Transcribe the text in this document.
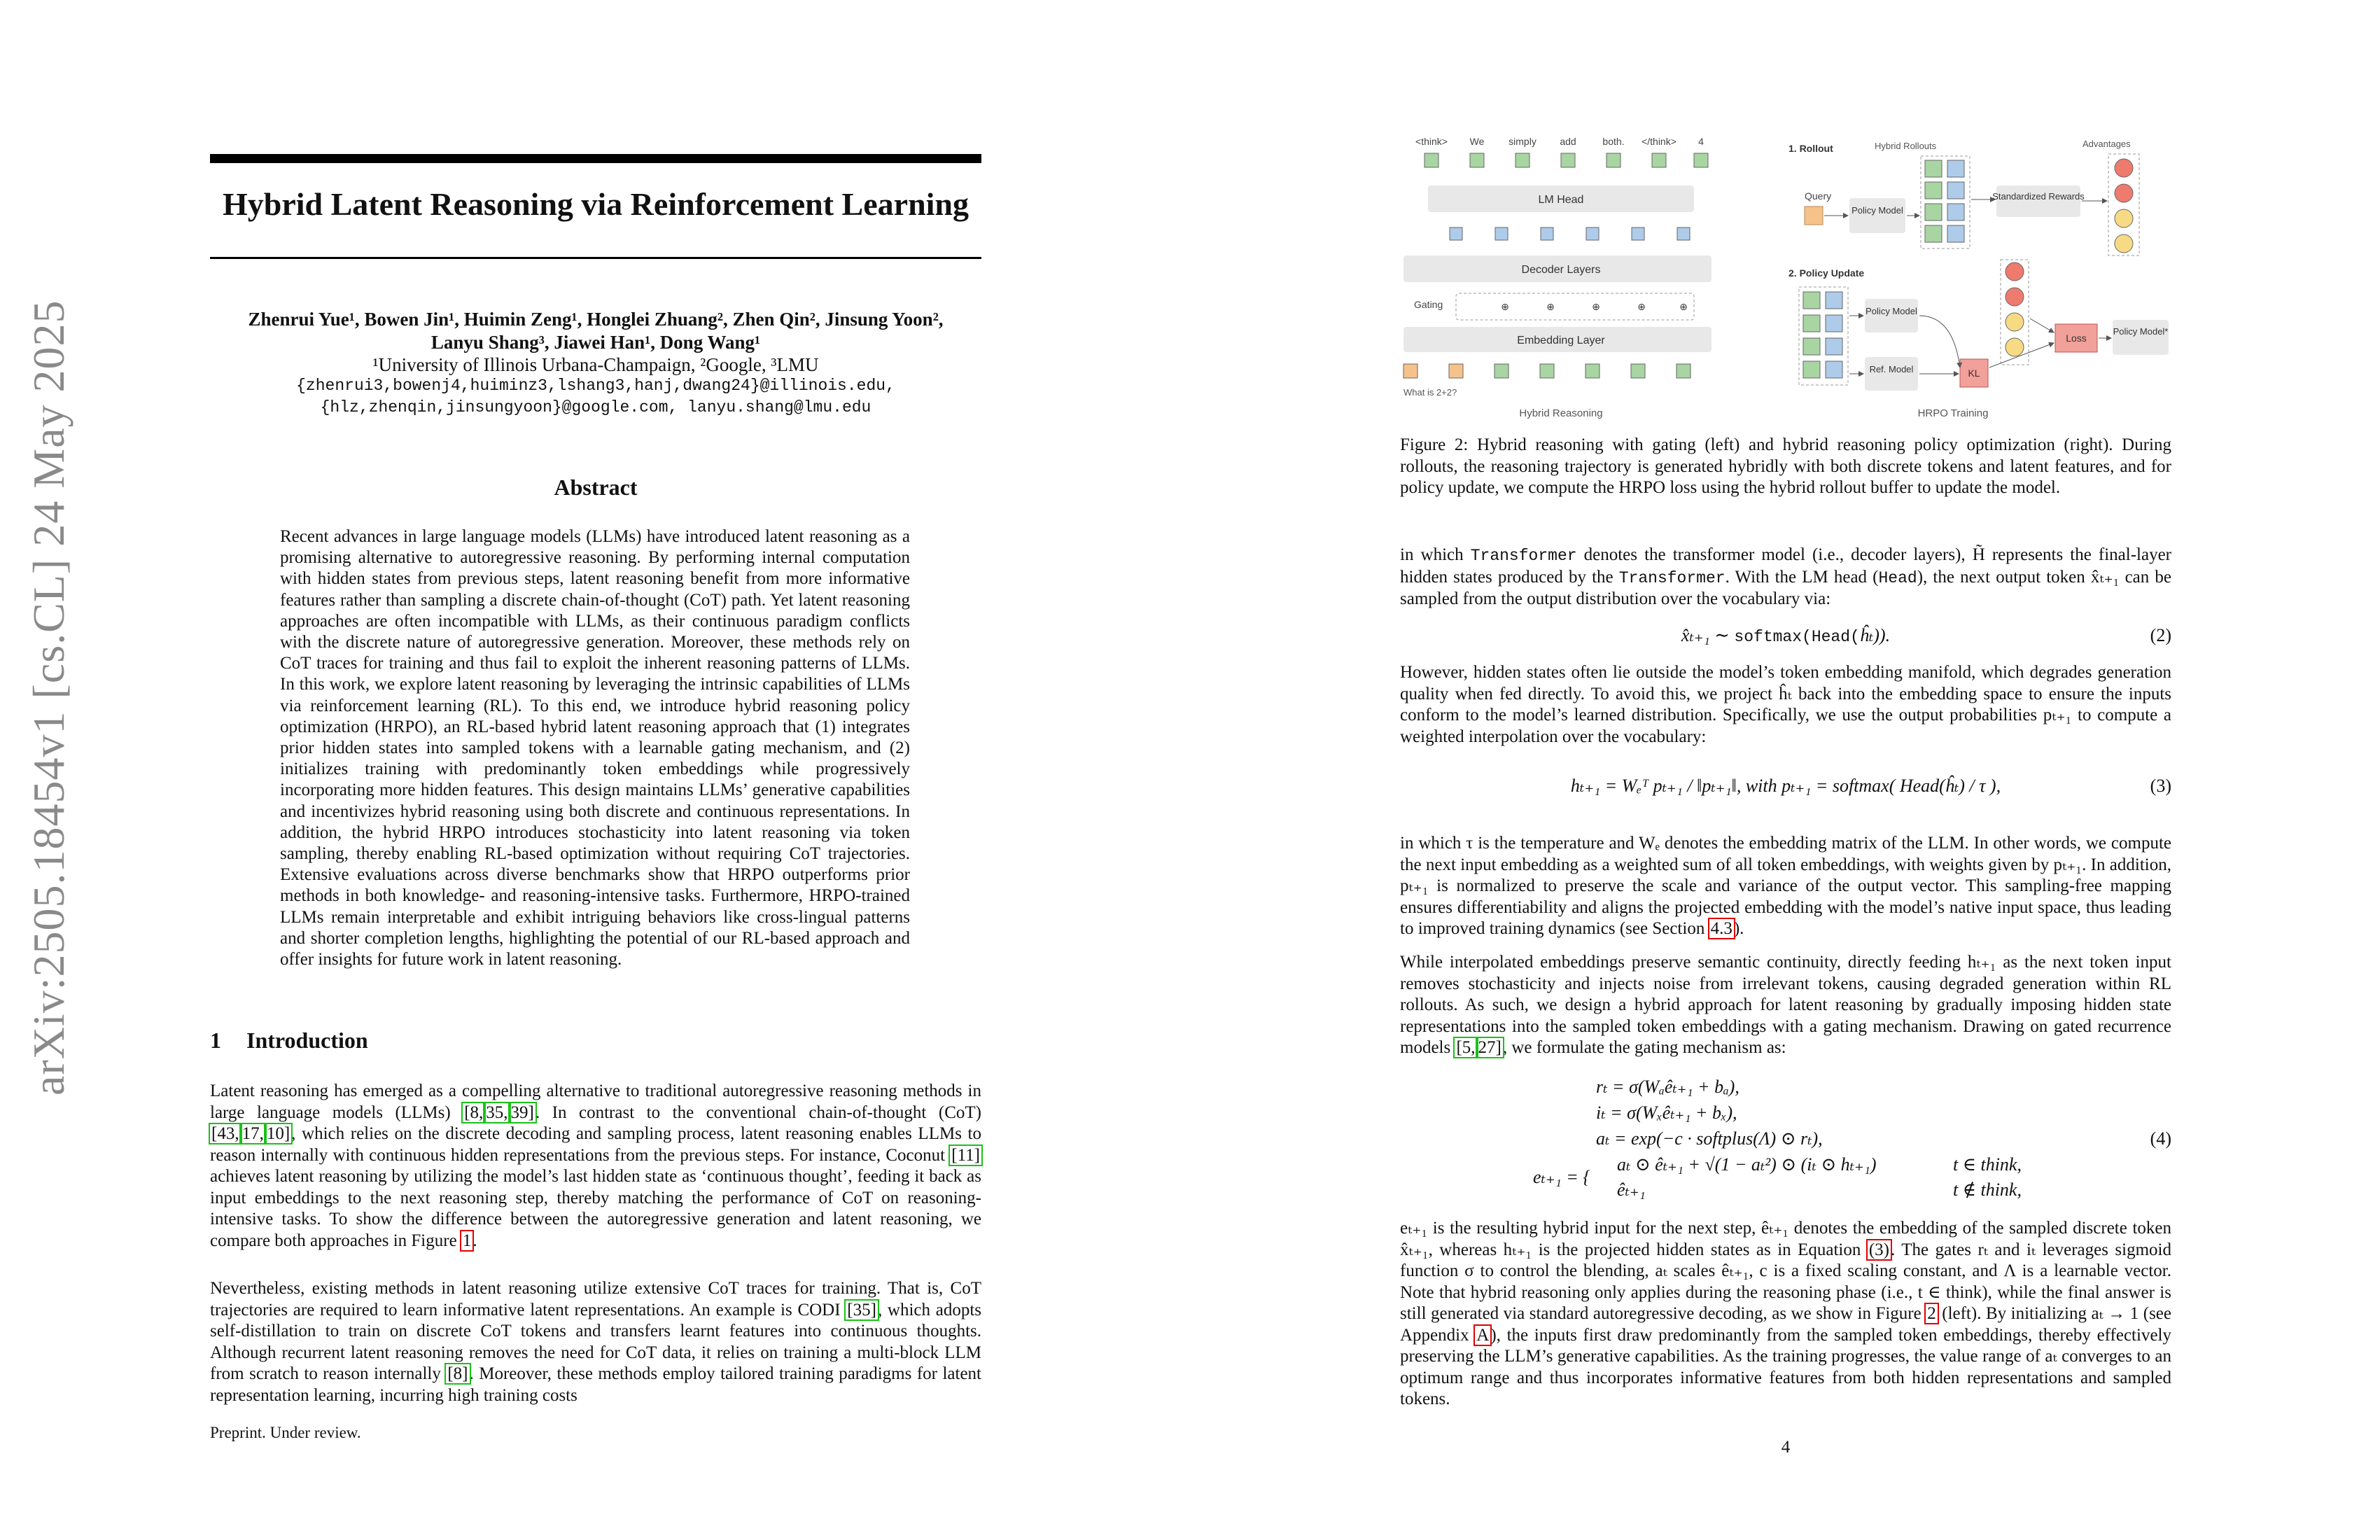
arXiv:2505.18454v1 [cs.CL] 24 May 2025
Hybrid Latent Reasoning via Reinforcement Learning
Zhenrui Yue¹, Bowen Jin¹, Huimin Zeng¹, Honglei Zhuang², Zhen Qin², Jinsung Yoon²,
Lanyu Shang³, Jiawei Han¹, Dong Wang¹
¹University of Illinois Urbana-Champaign, ²Google, ³LMU
{zhenrui3,bowenj4,huiminz3,lshang3,hanj,dwang24}@illinois.edu,
{hlz,zhenqin,jinsungyoon}@google.com, lanyu.shang@lmu.edu
Abstract
Recent advances in large language models (LLMs) have introduced latent reasoning as a promising alternative to autoregressive reasoning. By performing internal computation with hidden states from previous steps, latent reasoning benefit from more informative features rather than sampling a discrete chain-of-thought (CoT) path. Yet latent reasoning approaches are often incompatible with LLMs, as their continuous paradigm conflicts with the discrete nature of autoregressive generation. Moreover, these methods rely on CoT traces for training and thus fail to exploit the inherent reasoning patterns of LLMs. In this work, we explore latent reasoning by leveraging the intrinsic capabilities of LLMs via reinforcement learning (RL). To this end, we introduce hybrid reasoning policy optimization (HRPO), an RL-based hybrid latent reasoning approach that (1) integrates prior hidden states into sampled tokens with a learnable gating mechanism, and (2) initializes training with predominantly token embeddings while progressively incorporating more hidden features. This design maintains LLMs’ generative capabilities and incentivizes hybrid reasoning using both discrete and continuous representations. In addition, the hybrid HRPO introduces stochasticity into latent reasoning via token sampling, thereby enabling RL-based optimization without requiring CoT trajectories. Extensive evaluations across diverse benchmarks show that HRPO outperforms prior methods in both knowledge- and reasoning-intensive tasks. Furthermore, HRPO-trained LLMs remain interpretable and exhibit intriguing behaviors like cross-lingual patterns and shorter completion lengths, highlighting the potential of our RL-based approach and offer insights for future work in latent reasoning.
1 Introduction
Latent reasoning has emerged as a compelling alternative to traditional autoregressive reasoning methods in large language models (LLMs) [8, 35, 39]. In contrast to the conventional chain-of-thought (CoT) [43, 17, 10], which relies on the discrete decoding and sampling process, latent reasoning enables LLMs to reason internally with continuous hidden representations from the previous steps. For instance, Coconut [11] achieves latent reasoning by utilizing the model’s last hidden state as ‘continuous thought’, feeding it back as input embeddings to the next reasoning step, thereby matching the performance of CoT on reasoning-intensive tasks. To show the difference between the autoregressive generation and latent reasoning, we compare both approaches in Figure 1.
Nevertheless, existing methods in latent reasoning utilize extensive CoT traces for training. That is, CoT trajectories are required to learn informative latent representations. An example is CODI [35], which adopts self-distillation to train on discrete CoT tokens and transfers learnt features into continuous thoughts. Although recurrent latent reasoning removes the need for CoT data, it relies on training a multi-block LLM from scratch to reason internally [8]. Moreover, these methods employ tailored training paradigms for latent representation learning, incurring high training costs
Preprint. Under review.
<think> We simply add	both. </think> 4
LM Head
Decoder Layers
Gating	⊕	⊕	⊕	⊕	⊕
Embedding Layer
What is 2+2?
Hybrid Reasoning
1. Rollout
Query
Policy Model
Hybrid Rollouts
Standardized Rewards
Advantages
2. Policy Update
Policy Model
Ref. Model	KL
Loss
Policy Model*
HRPO Training
Figure 2: Hybrid reasoning with gating (left) and hybrid reasoning policy optimization (right). During rollouts, the reasoning trajectory is generated hybridly with both discrete tokens and latent features, and for policy update, we compute the HRPO loss using the hybrid rollout buffer to update the model.
in which Transformer denotes the transformer model (i.e., decoder layers), H̃ represents the final-layer hidden states produced by the Transformer. With the LM head (Head), the next output token x̂ₜ₊₁ can be sampled from the output distribution over the vocabulary via:
x̂ₜ₊₁ ∼ softmax(Head(ĥₜ)).	(2)
However, hidden states often lie outside the model’s token embedding manifold, which degrades generation quality when fed directly. To avoid this, we project ĥₜ back into the embedding space to ensure the inputs conform to the model’s learned distribution. Specifically, we use the output probabilities pₜ₊₁ to compute a weighted interpolation over the vocabulary:
hₜ₊₁ = Wₑᵀ pₜ₊₁ / ‖pₜ₊₁‖, with pₜ₊₁ = softmax( Head(ĥₜ) / τ ),	(3)
in which τ is the temperature and Wₑ denotes the embedding matrix of the LLM. In other words, we compute the next input embedding as a weighted sum of all token embeddings, with weights given by pₜ₊₁. In addition, pₜ₊₁ is normalized to preserve the scale and variance of the output vector. This sampling-free mapping ensures differentiability and aligns the projected embedding with the model’s native input space, thus leading to improved training dynamics (see Section 4.3).
While interpolated embeddings preserve semantic continuity, directly feeding hₜ₊₁ as the next token input removes stochasticity and injects noise from irrelevant tokens, causing degraded generation within RL rollouts. As such, we design a hybrid approach for latent reasoning by gradually imposing hidden state representations into the sampled token embeddings with a gating mechanism. Drawing on gated recurrence models [5, 27], we formulate the gating mechanism as:
rₜ = σ(Wₐêₜ₊₁ + bₐ),
iₜ = σ(Wₓêₜ₊₁ + bₓ),
aₜ = exp(−c · softplus(Λ) ⊙ rₜ),
eₜ₊₁ = {
aₜ ⊙ êₜ₊₁ + √(1 − aₜ²) ⊙ (iₜ ⊙ hₜ₊₁)	t ∈ think,
êₜ₊₁	t ∉ think,
(4)
eₜ₊₁ is the resulting hybrid input for the next step, êₜ₊₁ denotes the embedding of the sampled discrete token x̂ₜ₊₁, whereas hₜ₊₁ is the projected hidden states as in Equation (3). The gates rₜ and iₜ leverages sigmoid function σ to control the blending, aₜ scales êₜ₊₁, c is a fixed scaling constant, and Λ is a learnable vector. Note that hybrid reasoning only applies during the reasoning phase (i.e., t ∈ think), while the final answer is still generated via standard autoregressive decoding, as we show in Figure 2 (left). By initializing aₜ → 1 (see Appendix A), the inputs first draw predominantly from the sampled token embeddings, thereby effectively preserving the LLM’s generative capabilities. As the training progresses, the value range of aₜ converges to an optimum range and thus incorporates informative features from both hidden representations and sampled tokens.
4
